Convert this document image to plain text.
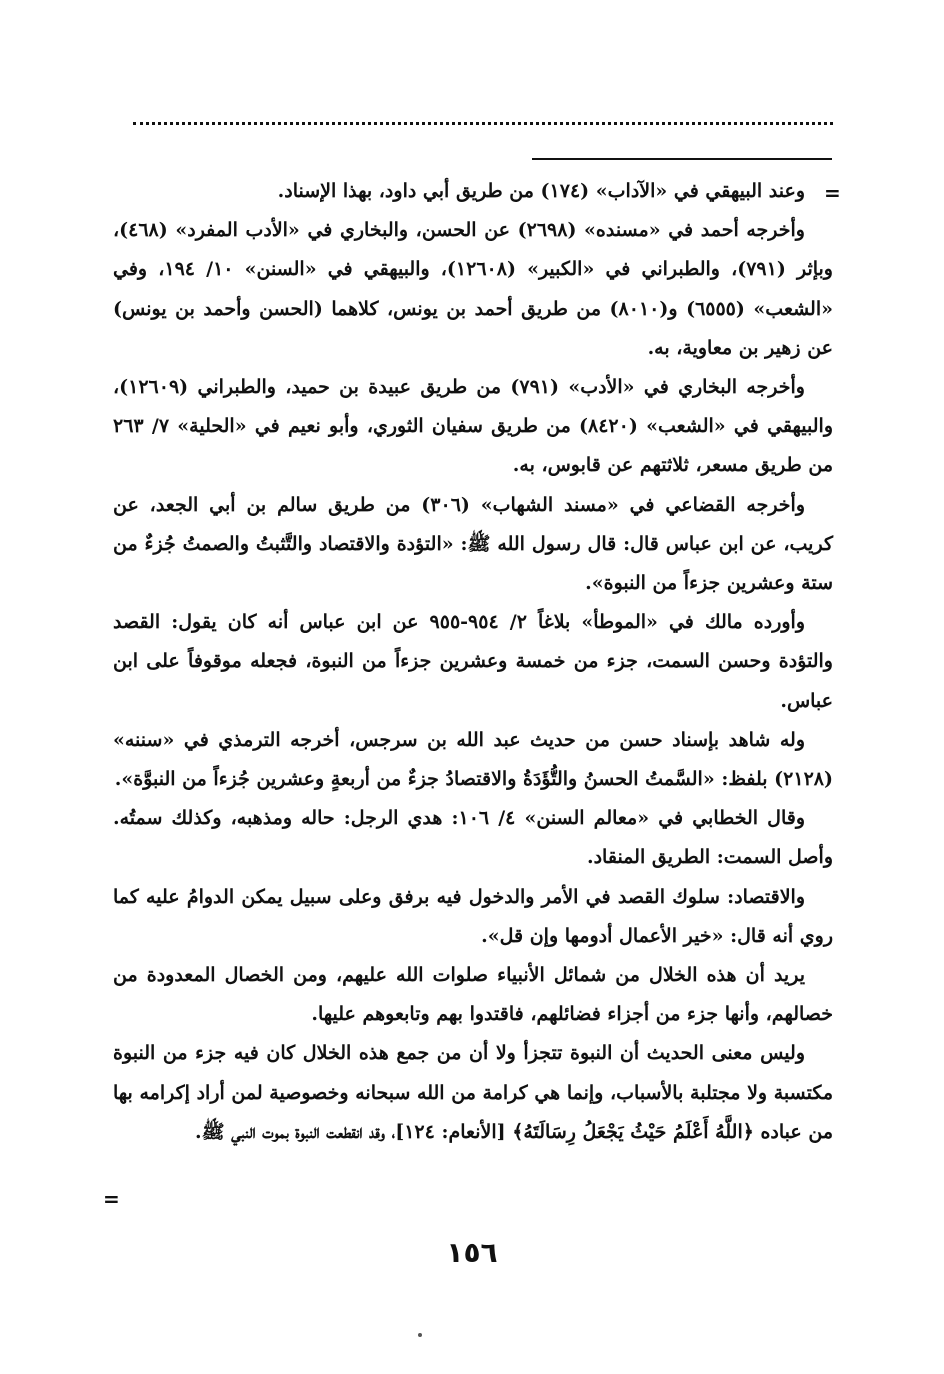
=

وعند البيهقي في «الآداب» (١٧٤) من طريق أبي داود، بهذا الإسناد.

وأخرجه أحمد في «مسنده» (٢٦٩٨) عن الحسن، والبخاري في «الأدب المفرد» (٤٦٨)، وبإثر (٧٩١)، والطبراني في «الكبير» (١٢٦٠٨)، والبيهقي في «السنن» ١٠/ ١٩٤، وفي «الشعب» (٦٥٥٥) و(٨٠١٠) من طريق أحمد بن يونس، كلاهما (الحسن وأحمد بن يونس) عن زهير بن معاوية، به.

وأخرجه البخاري في «الأدب» (٧٩١) من طريق عبيدة بن حميد، والطبراني (١٢٦٠٩)، والبيهقي في «الشعب» (٨٤٢٠) من طريق سفيان الثوري، وأبو نعيم في «الحلية» ٧/ ٢٦٣ من طريق مسعر، ثلاثتهم عن قابوس، به.

وأخرجه القضاعي في «مسند الشهاب» (٣٠٦) من طريق سالم بن أبي الجعد، عن كريب، عن ابن عباس قال: قال رسول الله ﷺ: «التؤدة والاقتصاد والتَّثبتُ والصمتُ جُزءٌ من ستة وعشرين جزءاً من النبوة».

وأورده مالك في «الموطأ» بلاغاً ٢/ ٩٥٤-٩٥٥ عن ابن عباس أنه كان يقول: القصد والتؤدة وحسن السمت، جزء من خمسة وعشرين جزءاً من النبوة، فجعله موقوفاً على ابن عباس.

وله شاهد بإسناد حسن من حديث عبد الله بن سرجس، أخرجه الترمذي في «سننه» (٢١٢٨) بلفظ: «السَّمتُ الحسنُ والتُّؤَدَةُ والاقتصادُ جزءٌ من أربعةٍ وعشرين جُزءاً من النبوَّة».

وقال الخطابي في «معالم السنن» ٤/ ١٠٦: هدي الرجل: حاله ومذهبه، وكذلك سمتُه. وأصل السمت: الطريق المنقاد.

والاقتصاد: سلوك القصد في الأمر والدخول فيه برفق وعلى سبيل يمكن الدوامُ عليه كما روي أنه قال: «خير الأعمال أدومها وإن قل».

يريد أن هذه الخلال من شمائل الأنبياء صلوات الله عليهم، ومن الخصال المعدودة من خصالهم، وأنها جزء من أجزاء فضائلهم، فاقتدوا بهم وتابعوهم عليها.

وليس معنى الحديث أن النبوة تتجزأ ولا أن من جمع هذه الخلال كان فيه جزء من النبوة مكتسبة ولا مجتلبة بالأسباب، وإنما هي كرامة من الله سبحانه وخصوصية لمن أراد إكرامه بها من عباده ﴿اللَّهُ أَعْلَمُ حَيْثُ يَجْعَلُ رِسَالَتَهُ﴾ [الأنعام: ١٢٤]، وقد انقطعت النبوة بموت النبي ﷺ.

=
١٥٦
